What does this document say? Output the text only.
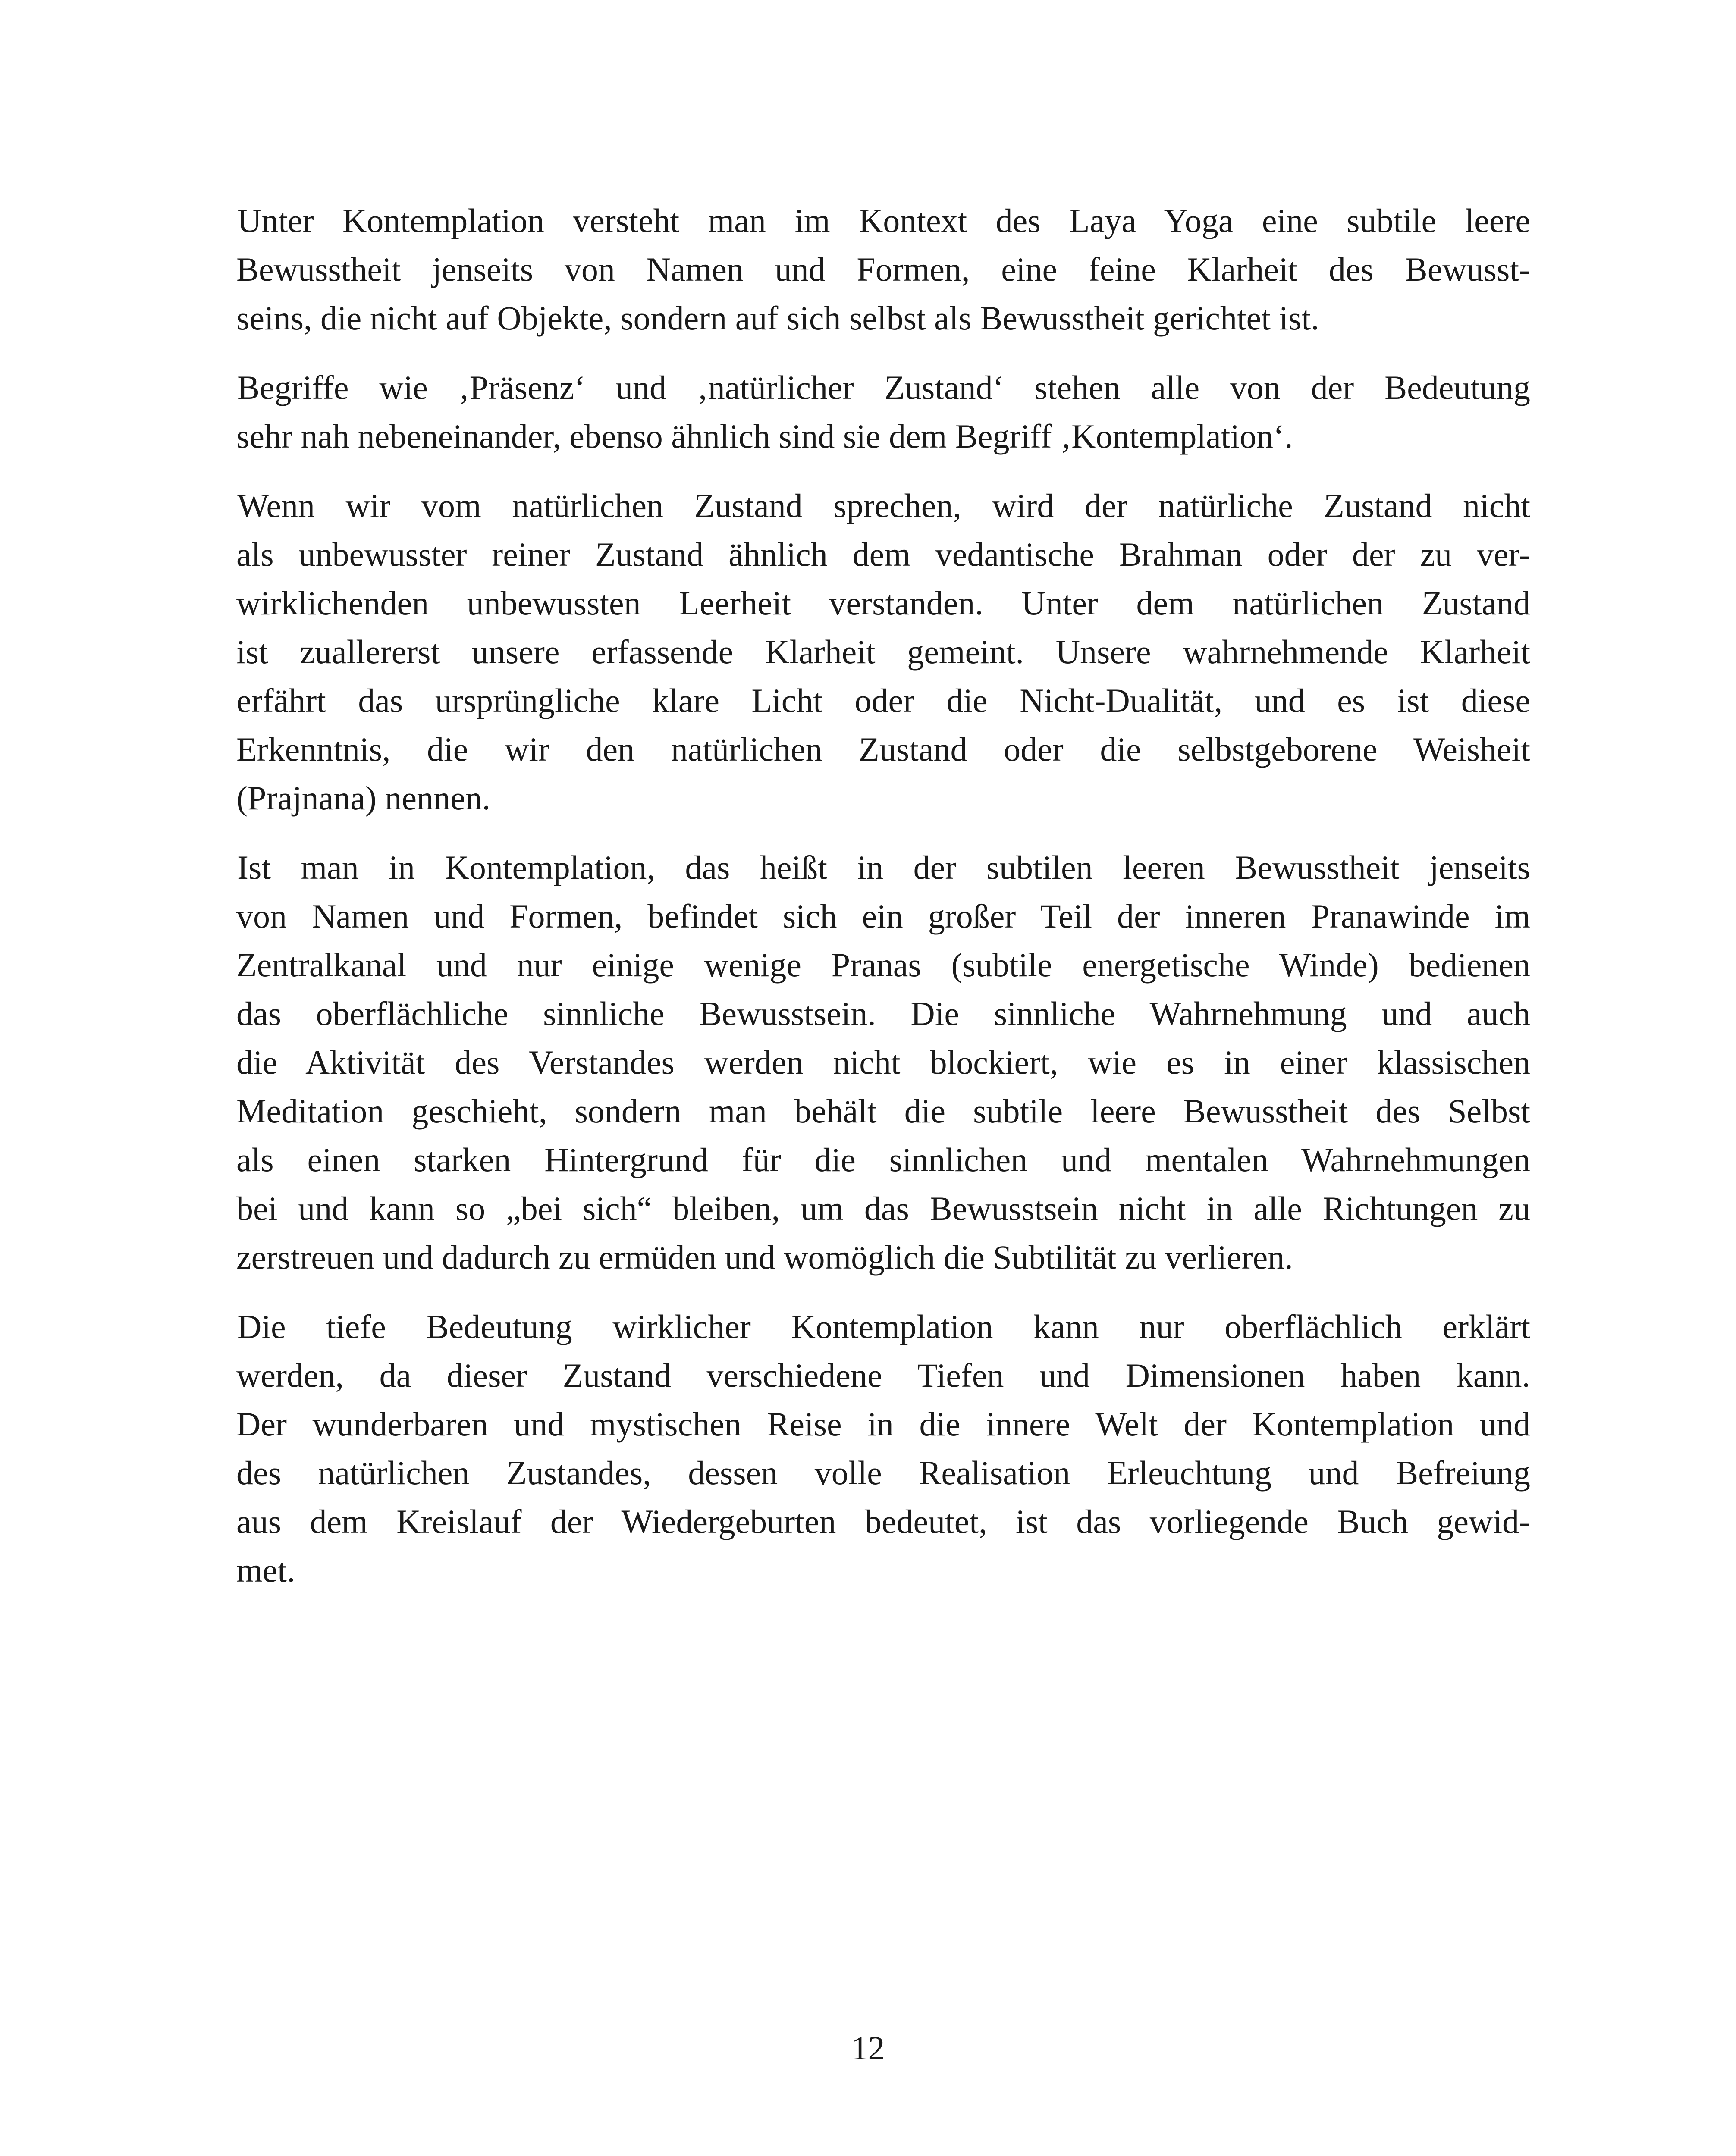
Unter Kontemplation versteht man im Kontext des Laya Yoga eine subtile leere
Bewusstheit jenseits von Namen und Formen, eine feine Klarheit des Bewusst-
seins, die nicht auf Objekte, sondern auf sich selbst als Bewusstheit gerichtet ist.

Begriffe wie ‚Präsenz‘ und ‚natürlicher Zustand‘ stehen alle von der Bedeutung
sehr nah nebeneinander, ebenso ähnlich sind sie dem Begriff ‚Kontemplation‘.

Wenn wir vom natürlichen Zustand sprechen, wird der natürliche Zustand nicht
als unbewusster reiner Zustand ähnlich dem vedantische Brahman oder der zu ver-
wirklichenden unbewussten Leerheit verstanden. Unter dem natürlichen Zustand
ist zuallererst unsere erfassende Klarheit gemeint. Unsere wahrnehmende Klarheit
erfährt das ursprüngliche klare Licht oder die Nicht-Dualität, und es ist diese
Erkenntnis, die wir den natürlichen Zustand oder die selbstgeborene Weisheit
(Prajnana) nennen.

Ist man in Kontemplation, das heißt in der subtilen leeren Bewusstheit jenseits
von Namen und Formen, befindet sich ein großer Teil der inneren Pranawinde im
Zentralkanal und nur einige wenige Pranas (subtile energetische Winde) bedienen
das oberflächliche sinnliche Bewusstsein. Die sinnliche Wahrnehmung und auch
die Aktivität des Verstandes werden nicht blockiert, wie es in einer klassischen
Meditation geschieht, sondern man behält die subtile leere Bewusstheit des Selbst
als einen starken Hintergrund für die sinnlichen und mentalen Wahrnehmungen
bei und kann so „bei sich“ bleiben, um das Bewusstsein nicht in alle Richtungen zu
zerstreuen und dadurch zu ermüden und womöglich die Subtilität zu verlieren.

Die tiefe Bedeutung wirklicher Kontemplation kann nur oberflächlich erklärt
werden, da dieser Zustand verschiedene Tiefen und Dimensionen haben kann.
Der wunderbaren und mystischen Reise in die innere Welt der Kontemplation und
des natürlichen Zustandes, dessen volle Realisation Erleuchtung und Befreiung
aus dem Kreislauf der Wiedergeburten bedeutet, ist das vorliegende Buch gewid-
met.

12
